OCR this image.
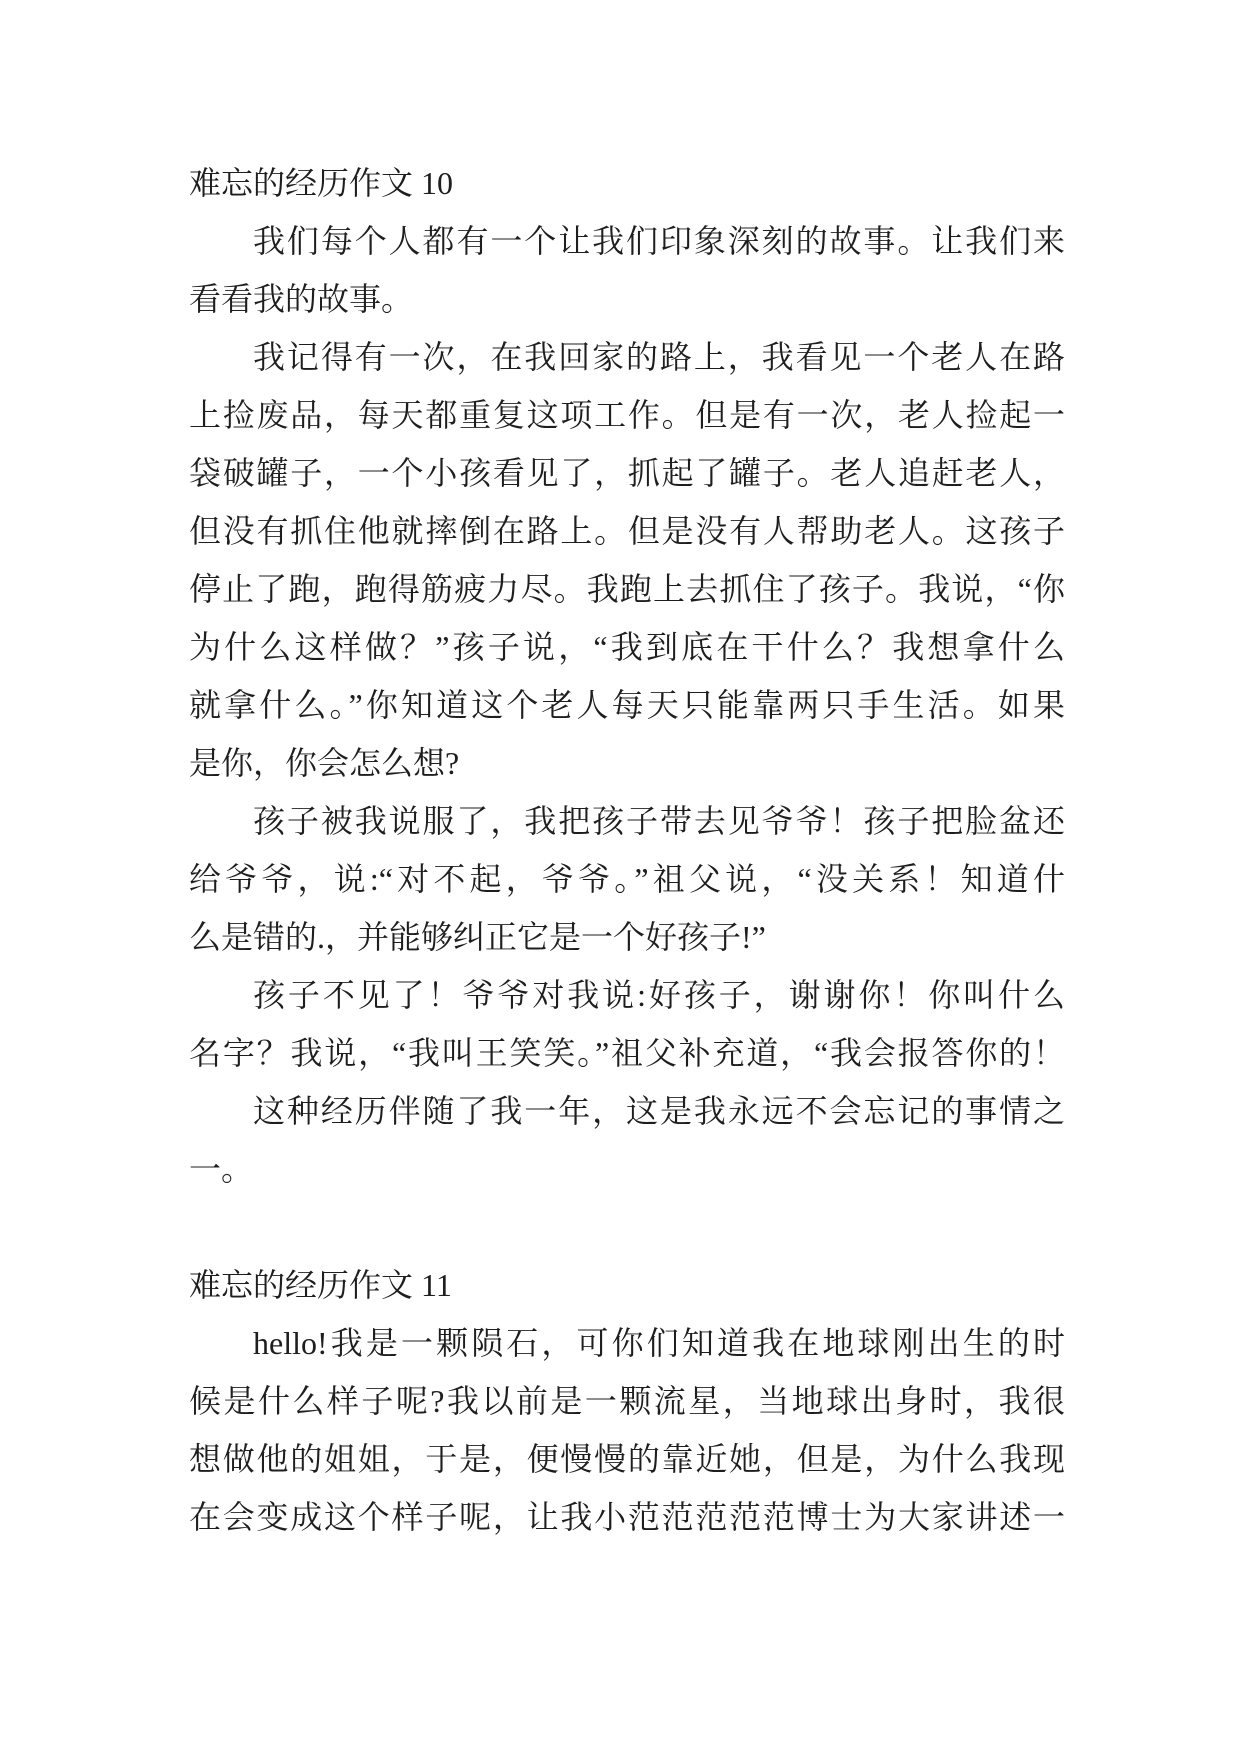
难忘的经历作文 10
我们每个人都有一个让我们印象深刻的故事。让我们来
看看我的故事。
我记得有一次，在我回家的路上，我看见一个老人在路
上捡废品，每天都重复这项工作。但是有一次，老人捡起一
袋破罐子，一个小孩看见了，抓起了罐子。老人追赶老人，
但没有抓住他就摔倒在路上。但是没有人帮助老人。这孩子
停止了跑，跑得筋疲力尽。我跑上去抓住了孩子。我说，“你
为什么这样做？”孩子说，“我到底在干什么？我想拿什么
就拿什么。”你知道这个老人每天只能靠两只手生活。如果
是你，你会怎么想?
孩子被我说服了，我把孩子带去见爷爷！孩子把脸盆还
给爷爷，说:“对不起，爷爷。”祖父说，“没关系！知道什
么是错的.，并能够纠正它是一个好孩子!”
孩子不见了！爷爷对我说:好孩子，谢谢你！你叫什么
名字？我说，“我叫王笑笑。”祖父补充道，“我会报答你的！
这种经历伴随了我一年，这是我永远不会忘记的事情之
一。
难忘的经历作文 11
hello!我是一颗陨石，可你们知道我在地球刚出生的时
候是什么样子呢?我以前是一颗流星，当地球出身时，我很
想做他的姐姐，于是，便慢慢的靠近她，但是，为什么我现
在会变成这个样子呢，让我小范范范范范博士为大家讲述一
